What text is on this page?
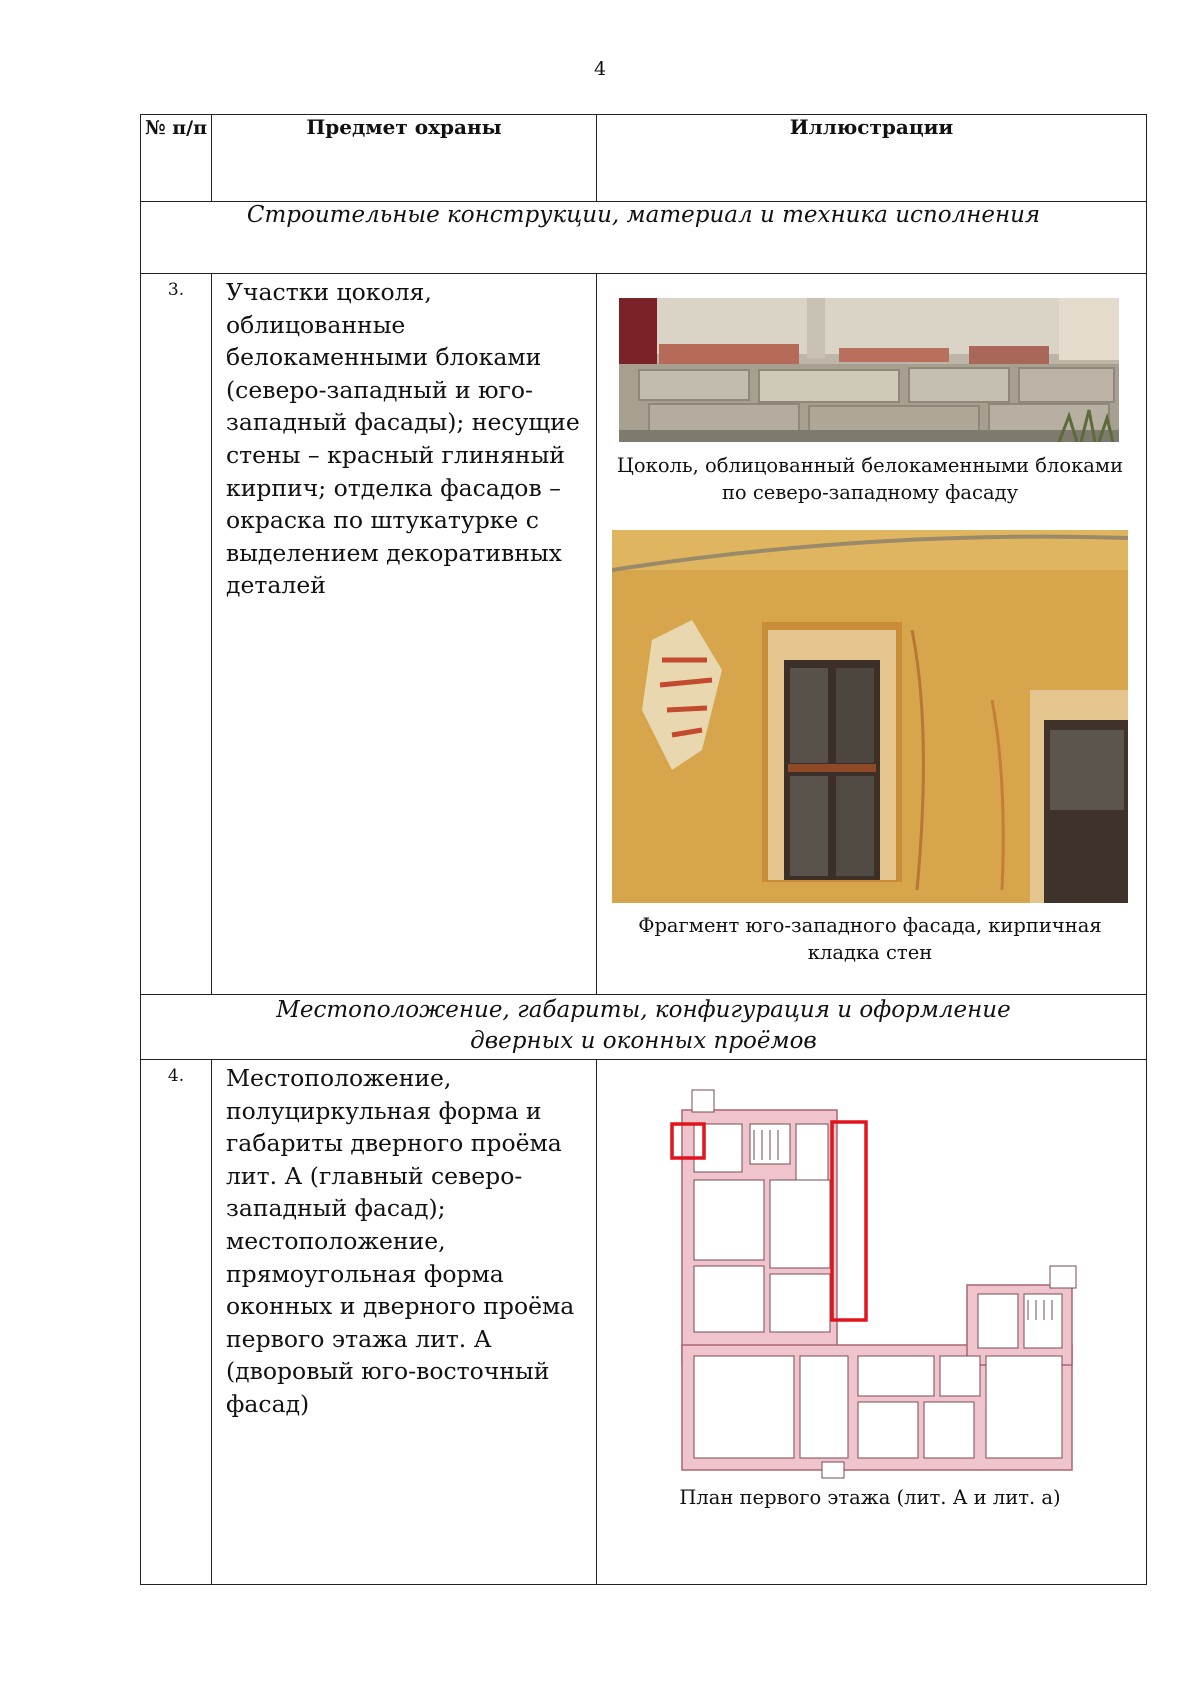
4
№ п/п	Предмет охраны	Иллюстрации
Строительные конструкции, материал и техника исполнения		
3.	Участки цоколя, облицованные белокаменными блоками (северо-западный и юго-западный фасады); несущие стены – красный глиняный кирпич; отделка фасадов – окраска по штукатурке с выделением декоративных деталей	Цоколь, облицованный белокаменными блоками по северо-западному фасаду
Фрагмент юго-западного фасада, кирпичная кладка стен

Местоположение, габариты, конфигурация и оформление
дверных и оконных проёмов		

4.	Местоположение, полуциркульная форма и габариты дверного проёма лит. А (главный северо-западный фасад); местоположение, прямоугольная форма оконных и дверного проёма первого этажа лит. А (дворовый юго-восточный фасад)	План первого этажа (лит. А и лит. а)
